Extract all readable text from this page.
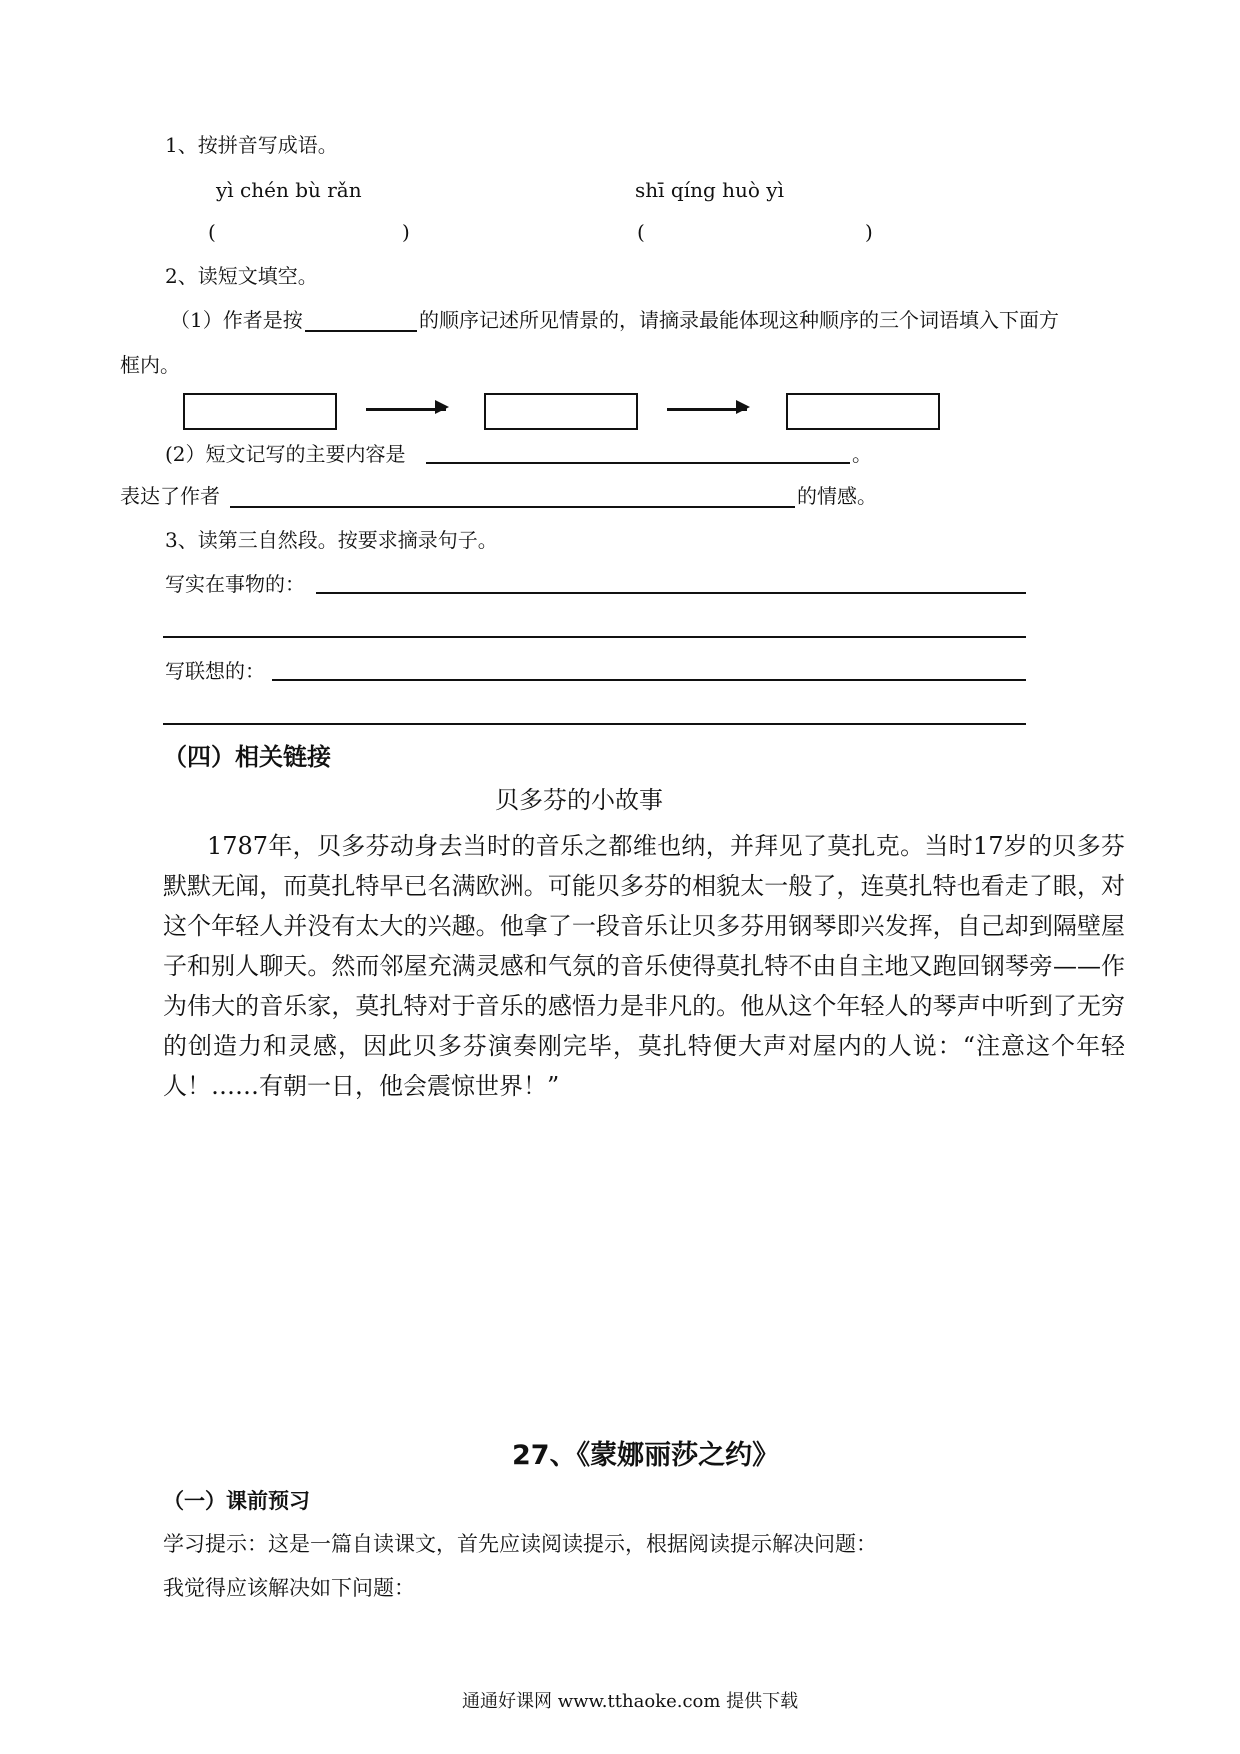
1、按拼音写成语。
yì chén bù rǎn	shī qíng huò yì
(	)	(	)
2、读短文填空。
（1）作者是按	的顺序记述所见情景的，请摘录最能体现这种顺序的三个词语填入下面方
框内。
(2）短文记写的主要内容是	。
表达了作者	的情感。
3、读第三自然段。按要求摘录句子。
写实在事物的：
写联想的：
（四）相关链接
贝多芬的小故事
1787年，贝多芬动身去当时的音乐之都维也纳，并拜见了莫扎克。当时17岁的贝多芬默默无闻，而莫扎特早已名满欧洲。可能贝多芬的相貌太一般了，连莫扎特也看走了眼，对这个年轻人并没有太大的兴趣。他拿了一段音乐让贝多芬用钢琴即兴发挥，自己却到隔壁屋子和别人聊天。然而邻屋充满灵感和气氛的音乐使得莫扎特不由自主地又跑回钢琴旁——作为伟大的音乐家，莫扎特对于音乐的感悟力是非凡的。他从这个年轻人的琴声中听到了无穷的创造力和灵感，因此贝多芬演奏刚完毕，莫扎特便大声对屋内的人说：“注意这个年轻人！……有朝一日，他会震惊世界！”
27、《蒙娜丽莎之约》
（一）课前预习
学习提示：这是一篇自读课文，首先应读阅读提示，根据阅读提示解决问题：
我觉得应该解决如下问题：
通通好课网 www.tthaoke.com 提供下载
